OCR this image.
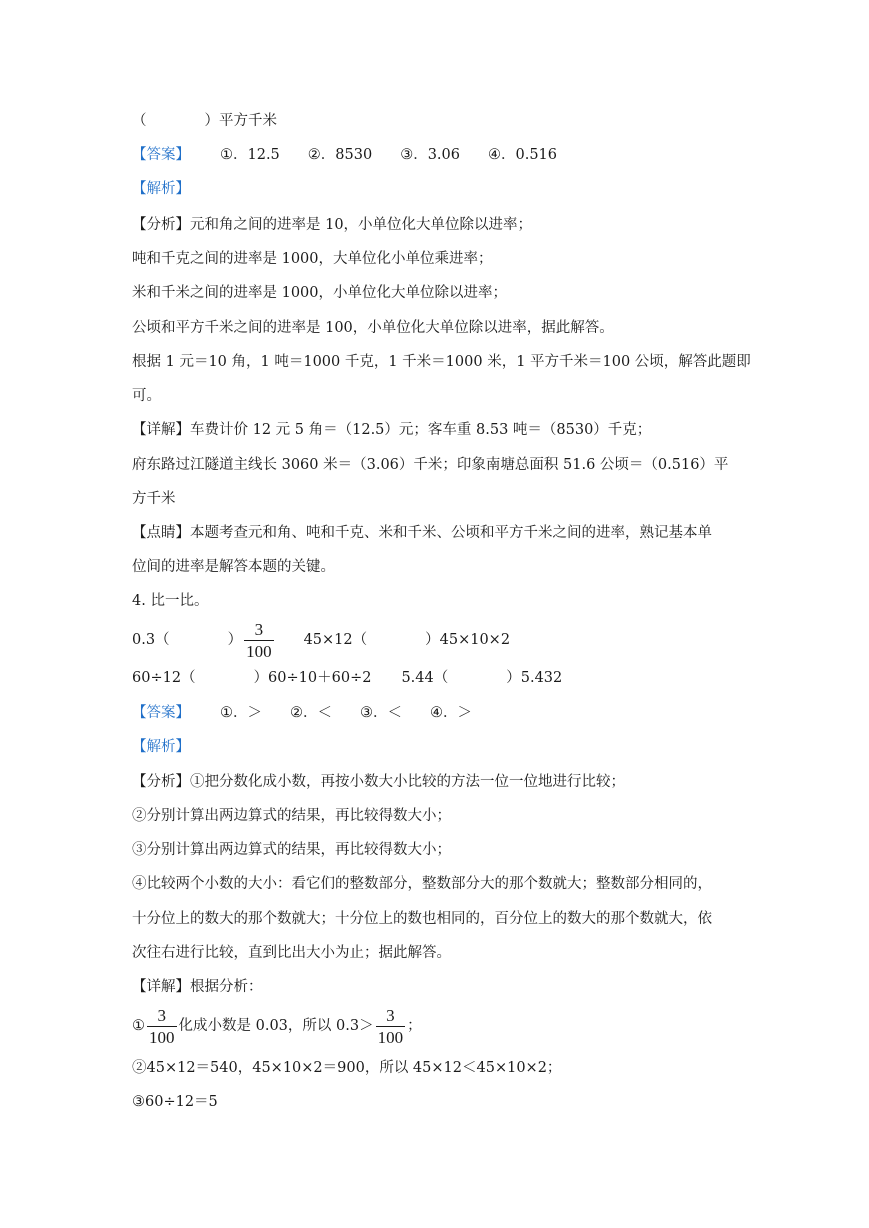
（	）平方千米
【答案】 ①．12.5 ②．8530 ③．3.06 ④．0.516
【解析】
【分析】元和角之间的进率是 10，小单位化大单位除以进率；
吨和千克之间的进率是 1000，大单位化小单位乘进率；
米和千米之间的进率是 1000，小单位化大单位除以进率；
公顷和平方千米之间的进率是 100，小单位化大单位除以进率，据此解答。
根据 1 元＝10 角，1 吨＝1000 千克，1 千米＝1000 米，1 平方千米＝100 公顷，解答此题即
可。
【详解】车费计价 12 元 5 角＝（12.5）元；客车重 8.53 吨＝（8530）千克；
府东路过江隧道主线长 3060 米＝（3.06）千米；印象南塘总面积 51.6 公顷＝（0.516）平
方千米
【点睛】本题考查元和角、吨和千克、米和千米、公顷和平方千米之间的进率，熟记基本单
位间的进率是解答本题的关键。
4. 比一比。
0.3（	） $\frac{3}{100} 45\times 12$（	）45×10×2
60÷12（	）60÷10＋60÷2 5.44（	）5.432
【答案】 ①．＞ ②．＜ ③．＜ ④．＞
【解析】
【分析】①把分数化成小数，再按小数大小比较的方法一位一位地进行比较；
②分别计算出两边算式的结果，再比较得数大小；
③分别计算出两边算式的结果，再比较得数大小；
④比较两个小数的大小：看它们的整数部分，整数部分大的那个数就大；整数部分相同的，
十分位上的数大的那个数就大；十分位上的数也相同的，百分位上的数大的那个数就大，依
次往右进行比较，直到比出大小为止；据此解答。
【详解】根据分析：
① $\frac{3}{100}$ 化成小数是 0.03，所以 $0.3> \frac{3}{100}$ ；
②45×12＝540，45×10×2＝900，所以 45×12＜45×10×2；
③60÷12＝5
